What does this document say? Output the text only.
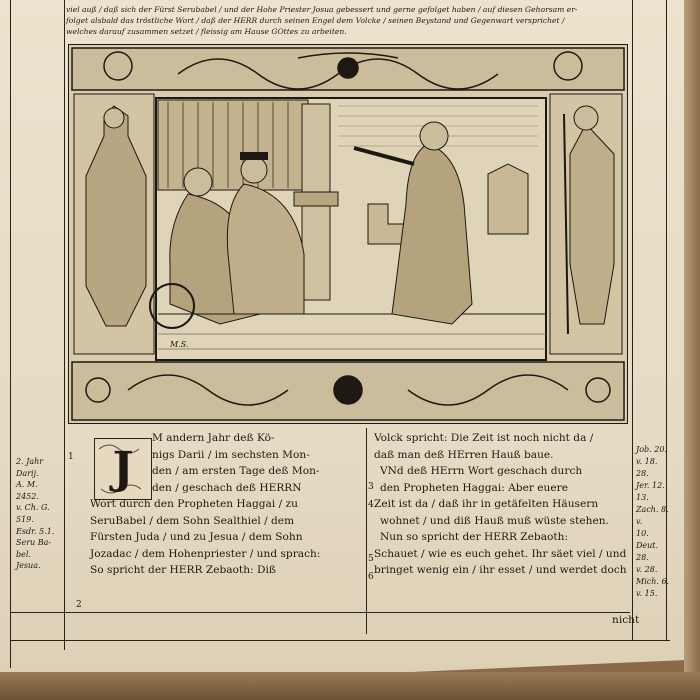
viel auß / daß sich der Fürst Serubabel / und der Hohe Priester Josua gebessert und gerne gefolget haben / auf diesen Gehorsam er-
folget alsbald das tröstliche Wort / daß der HERR durch seinen Engel dem Volcke / seinen Beystand und Gegenwart versprichet /
welches darauf zusammen setzet / fleissig am Hause GOttes zu arbeiten.
M.S.
2. Jahr
Darij.
A. M.
2452.
v. Ch. G.
519.
Esdr. 5.1.
Seru Ba-
bel.
Jesua.
1
2
3
4
5
6
J
M andern Jahr deß Kö-
nigs Darii / im sechsten Mon-
den / am ersten Tage deß Mon-
den / geschach deß HERRN
Wort durch den Propheten Haggai / zu
SeruBabel / dem Sohn Sealthiel / dem
Fürsten Juda / und zu Jesua / dem Sohn
Jozadac / dem Hohenpriester / und sprach:
So spricht der HERR Zebaoth: Diß
Volck spricht: Die Zeit ist noch nicht da /
daß man deß HErren Hauß baue.
VNd deß HErrn Wort geschach durch
den Propheten Haggai: Aber euere
Zeit ist da / daß ihr in getäfelten Häusern
wohnet / und diß Hauß muß wüste stehen.
Nun so spricht der HERR Zebaoth:
Schauet / wie es euch gehet. Ihr säet viel / und
bringet wenig ein / ihr esset / und werdet doch
Job. 20.
v. 18. 28.
Jer. 12. 13.
Zach. 8. v.
10.
Deut. 28.
v. 28.
Mich. 6.
v. 15.
nicht
